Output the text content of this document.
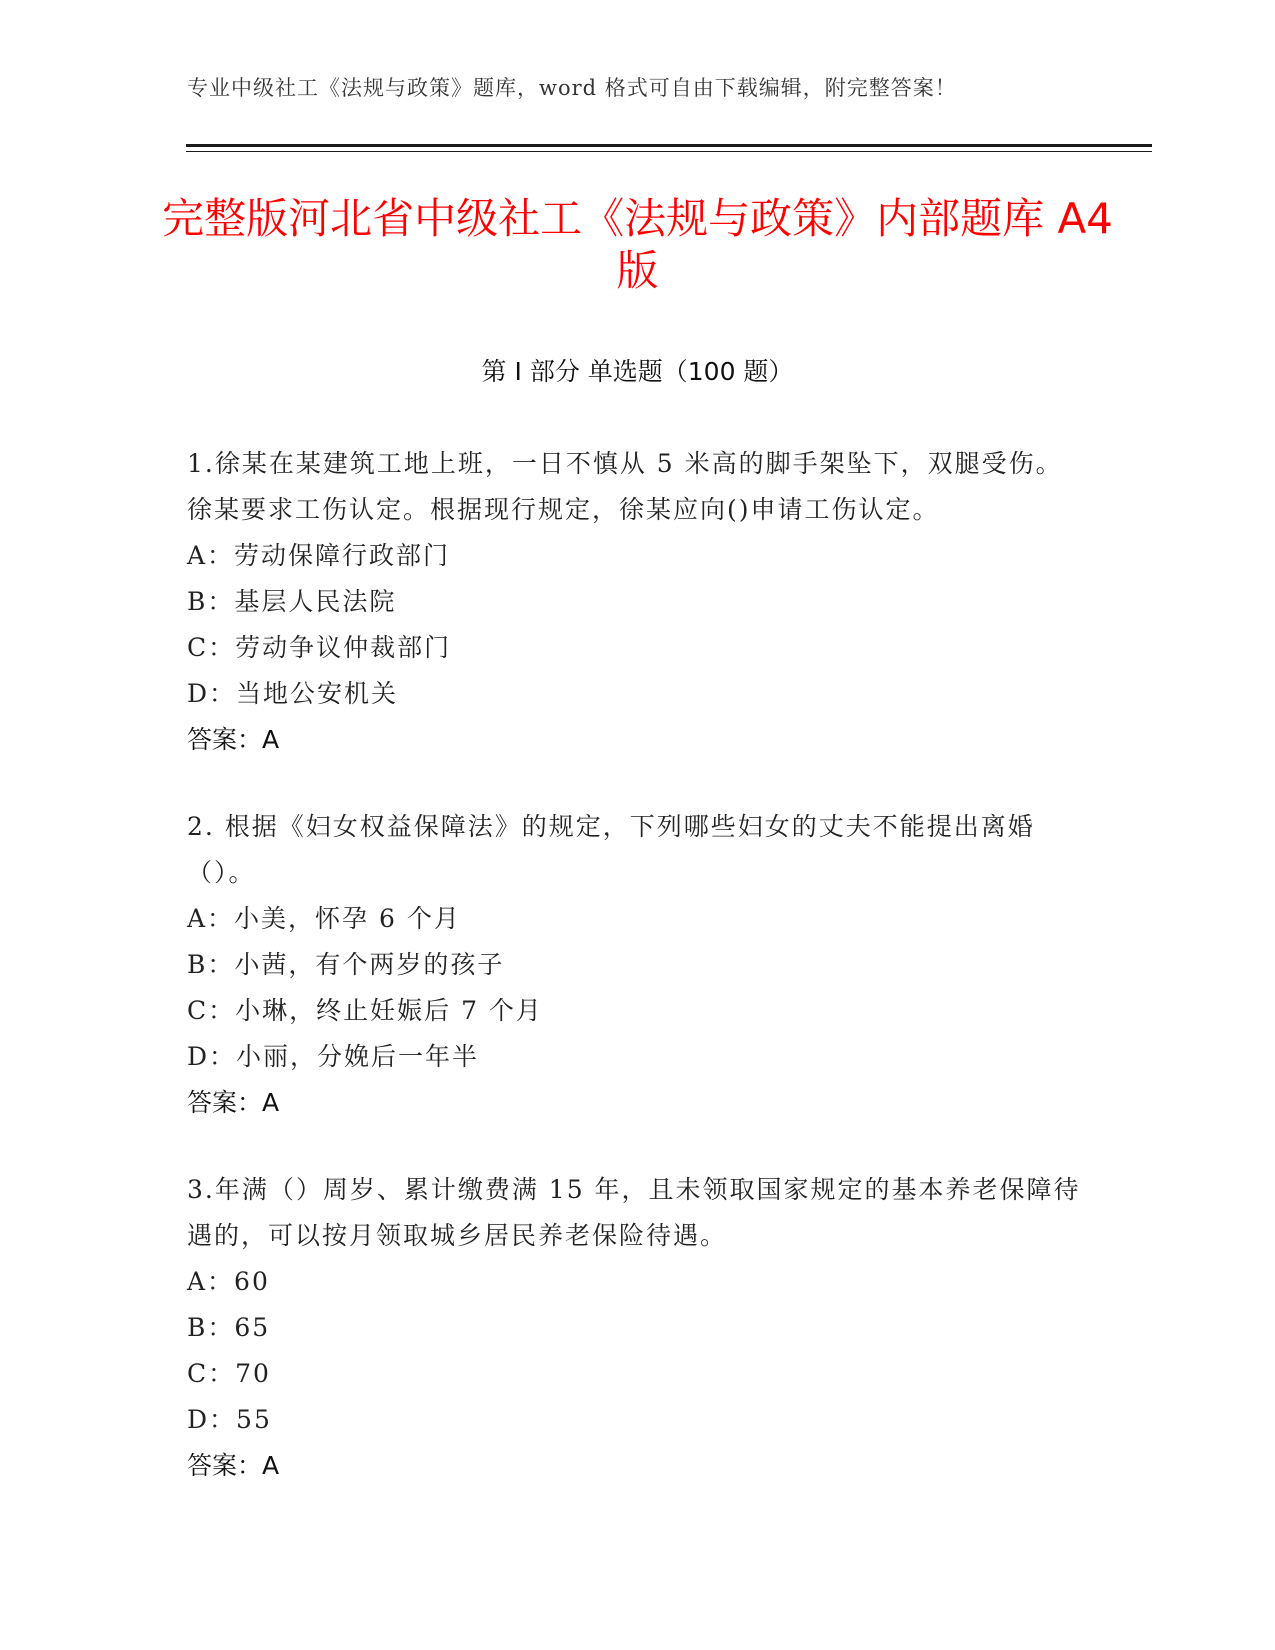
专业中级社工《法规与政策》题库，word 格式可自由下载编辑，附完整答案！
完整版河北省中级社工《法规与政策》内部题库 A4 版
第 I 部分 单选题（100 题）
1.徐某在某建筑工地上班，一日不慎从 5 米高的脚手架坠下，双腿受伤。徐某要求工伤认定。根据现行规定，徐某应向()申请工伤认定。
A：劳动保障行政部门
B：基层人民法院
C：劳动争议仲裁部门
D：当地公安机关
答案：A
2. 根据《妇女权益保障法》的规定，下列哪些妇女的丈夫不能提出离婚（）。
A：小美，怀孕 6 个月
B：小茜，有个两岁的孩子
C：小琳，终止妊娠后 7 个月
D：小丽，分娩后一年半
答案：A
3.年满（）周岁、累计缴费满 15 年，且未领取国家规定的基本养老保障待遇的，可以按月领取城乡居民养老保险待遇。
A：60
B：65
C：70
D：55
答案：A
